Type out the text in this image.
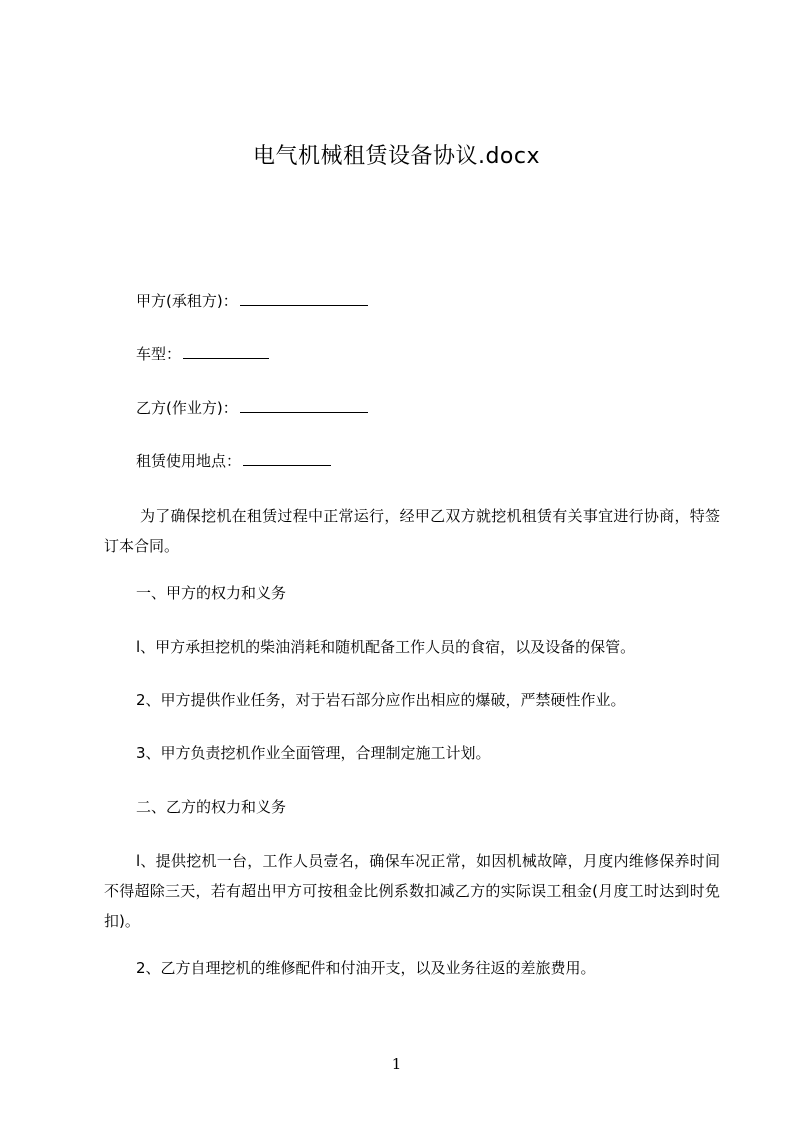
电气机械租赁设备协议.docx
甲方(承租方)：
车型：
乙方(作业方)：
租赁使用地点：
为了确保挖机在租赁过程中正常运行，经甲乙双方就挖机租赁有关事宜进行协商，特签订本合同。
一、甲方的权力和义务
l、甲方承担挖机的柴油消耗和随机配备工作人员的食宿，以及设备的保管。
2、甲方提供作业任务，对于岩石部分应作出相应的爆破，严禁硬性作业。
3、甲方负责挖机作业全面管理，合理制定施工计划。
二、乙方的权力和义务
l、提供挖机一台，工作人员壹名，确保车况正常，如因机械故障，月度内维修保养时间不得超除三天，若有超出甲方可按租金比例系数扣减乙方的实际误工租金(月度工时达到时免扣)。
2、乙方自理挖机的维修配件和付油开支，以及业务往返的差旅费用。
1
